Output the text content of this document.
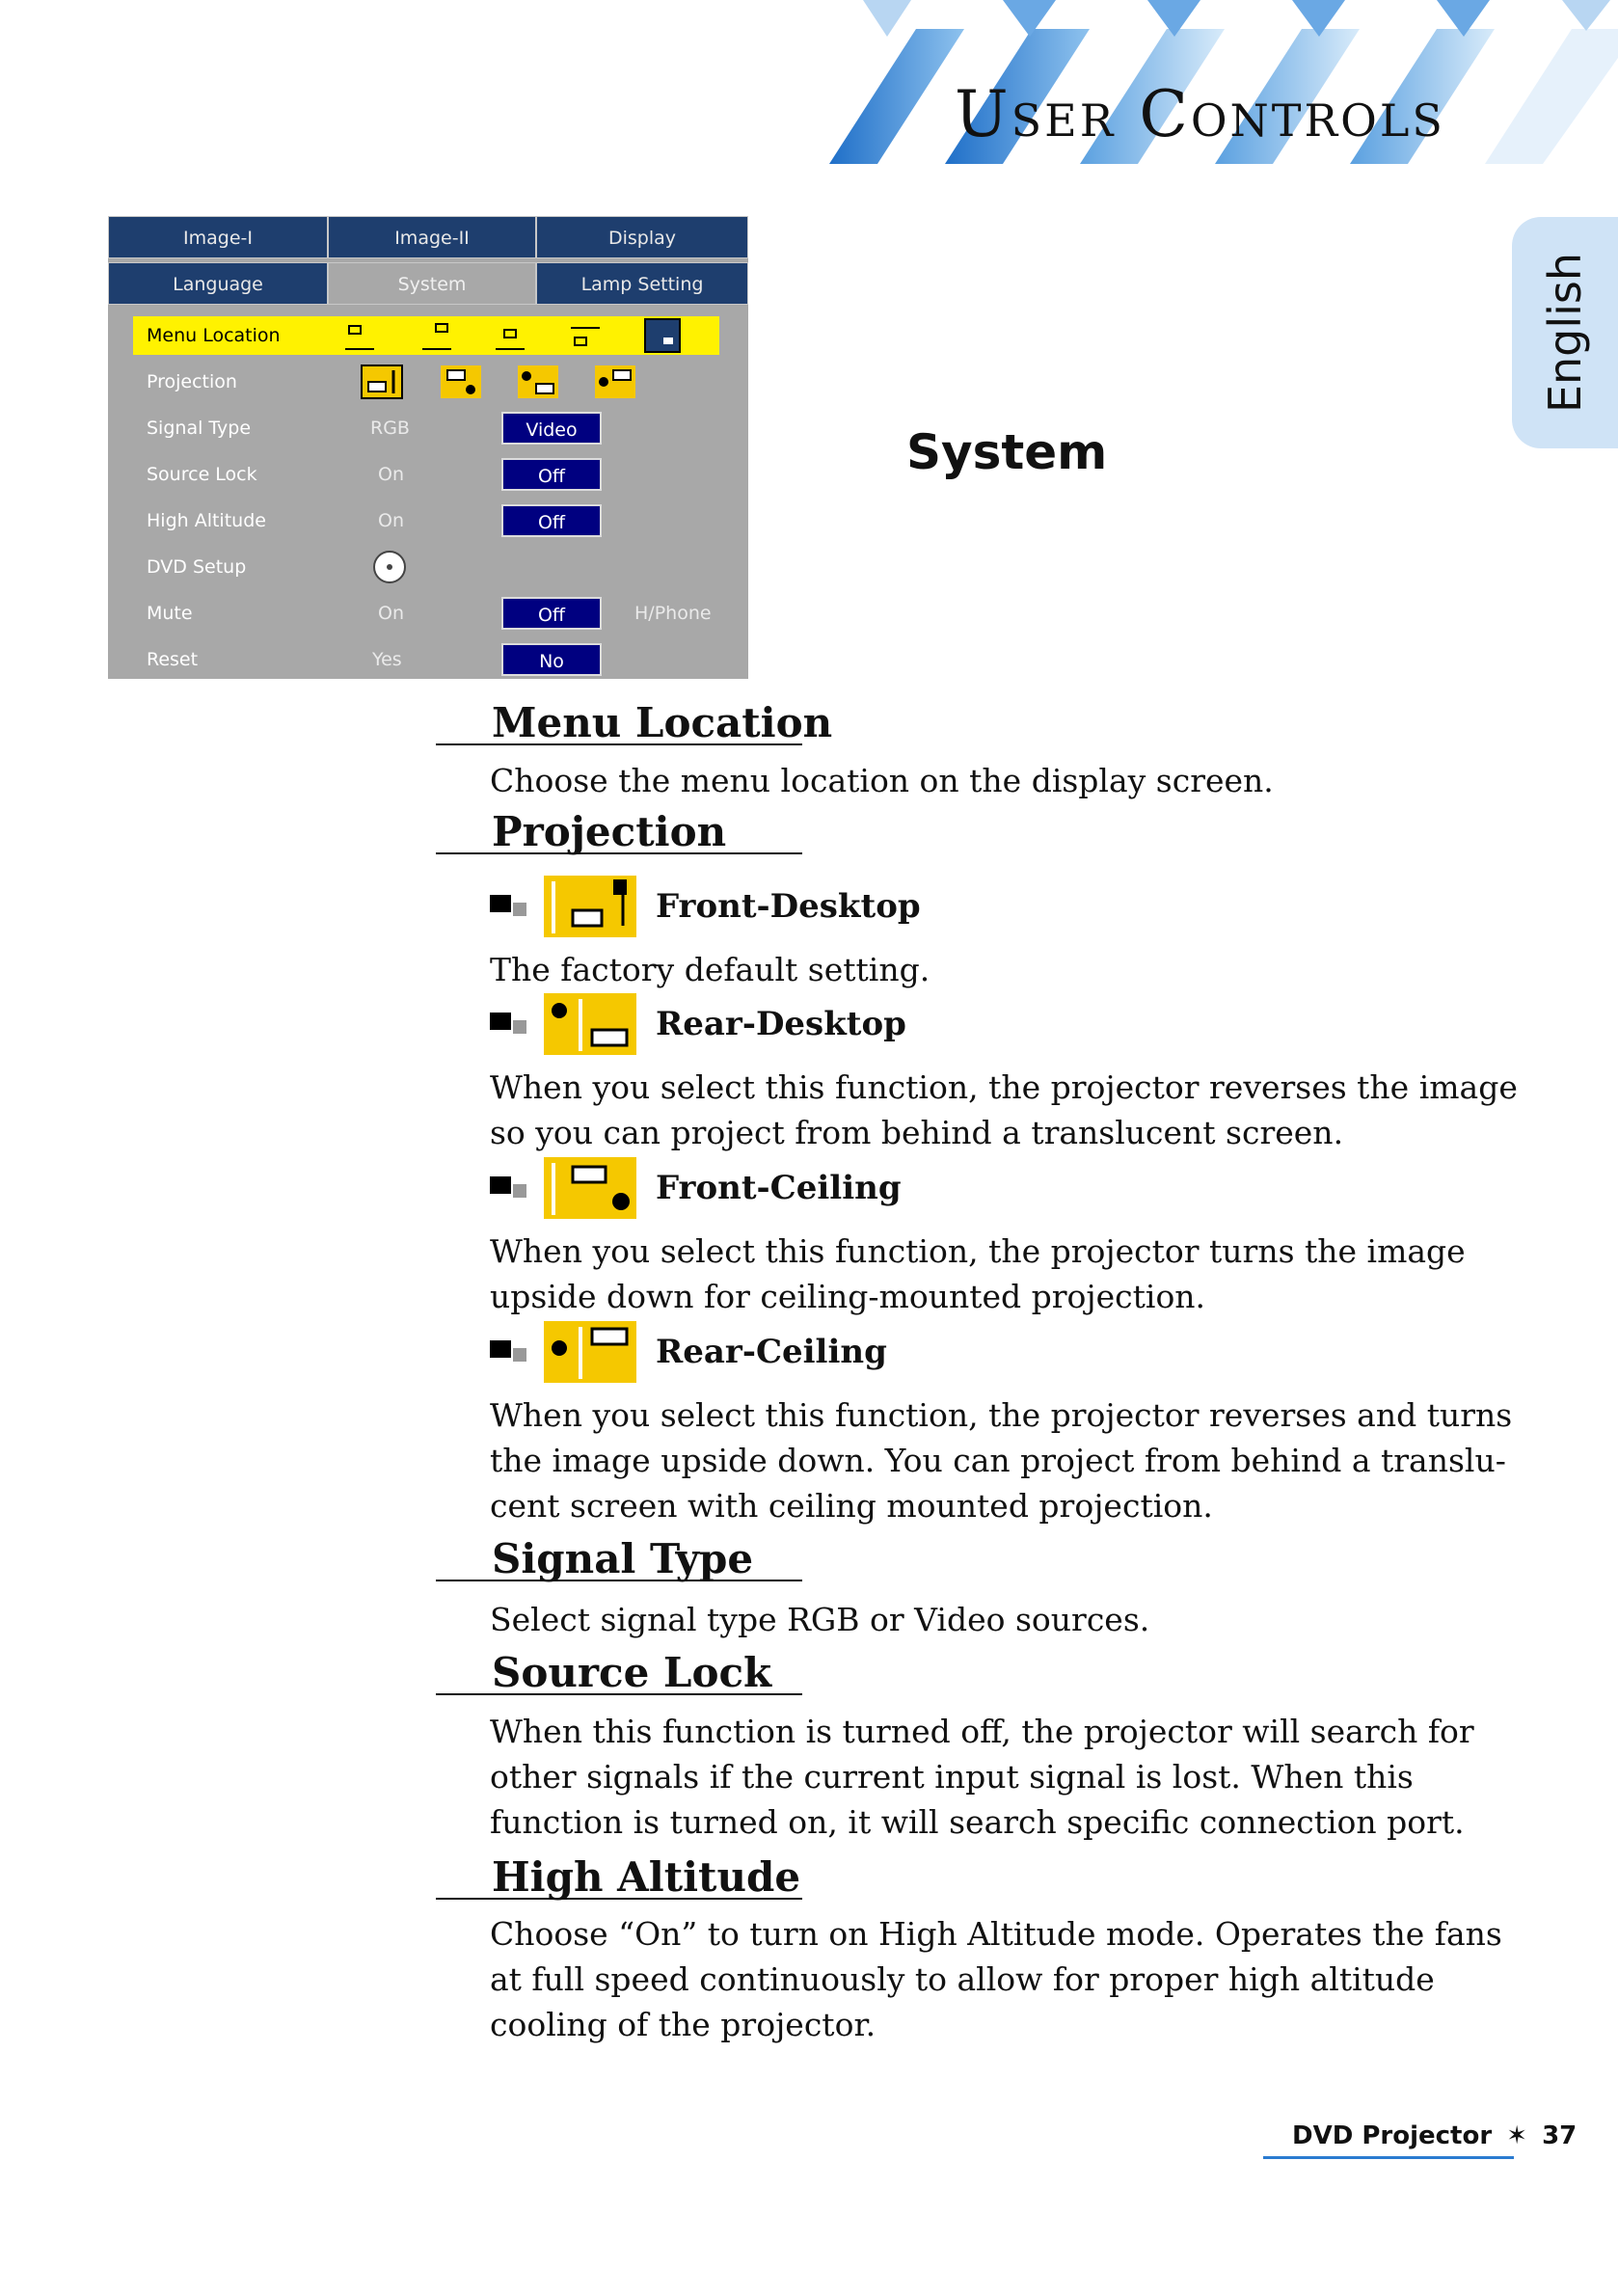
User Controls
English
System
Image-I	Image-II	Display
Language	System	Lamp Setting
Menu Location
Projection
Signal Type	RGB	Video
Source Lock	On	Off
High Altitude	On	Off
DVD Setup
Mute	On	Off	H/Phone
Reset	Yes	No
Menu Location
Choose the menu location on the display screen.
Projection
Front-Desktop
The factory default setting.
Rear-Desktop
When you select this function, the projector reverses the image so you can project from behind a translucent screen.
Front-Ceiling
When you select this function, the projector turns the image upside down for ceiling-mounted projection.
Rear-Ceiling
When you select this function, the projector reverses and turns the image upside down. You can project from behind a translu-cent screen with ceiling mounted projection.
Signal Type
Select signal type RGB or Video sources.
Source Lock
When this function is turned off, the projector will search for other signals if the current input signal is lost. When this function is turned on, it will search specific connection port.
High Altitude
Choose “On” to turn on High Altitude mode. Operates the fans at full speed continuously to allow for proper high altitude cooling of the projector.
DVD Projector ✶ 37
